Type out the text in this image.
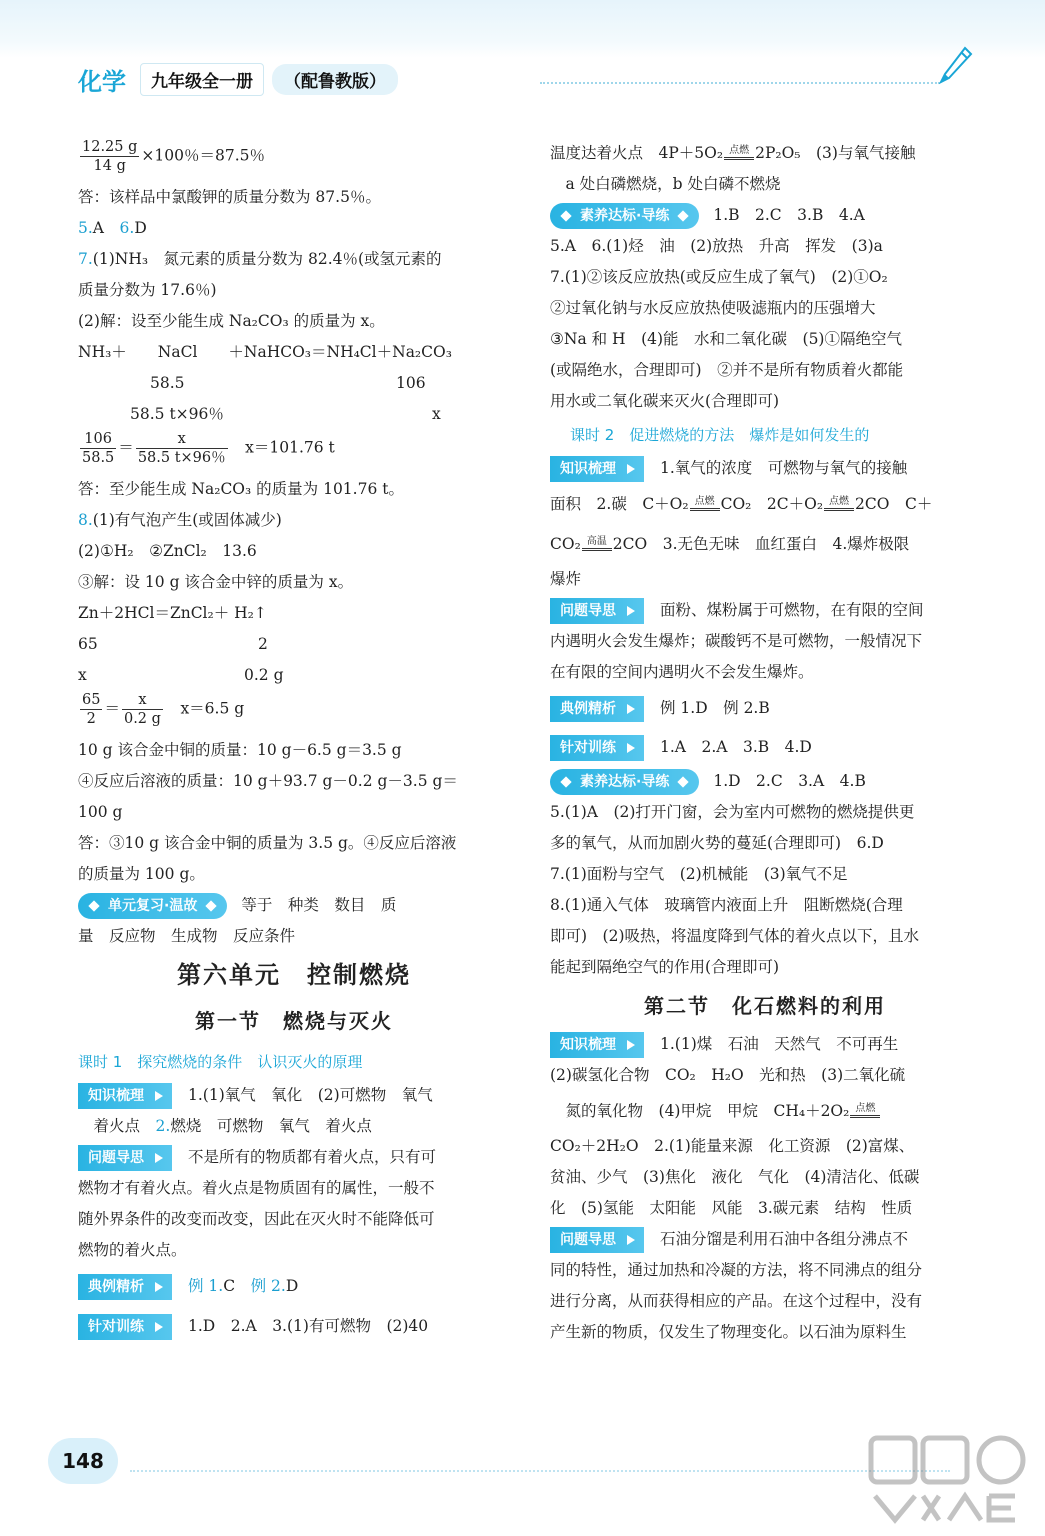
化学	九年级全一册	（配鲁教版）
$\frac{12.25 g}{14 g} \times 100$％＝87.5％
答：该样品中氯酸钾的质量分数为 87.5％。
5.A　 6.D
7.(1)NH₃　氮元素的质量分数为 82.4％(或氢元素的
质量分数为 17.6％)
(2)解：设至少能生成 Na₂CO₃ 的质量为 x。
NH₃＋　　NaCl　　＋NaHCO₃＝NH₄Cl＋Na₂CO₃
58.5	106
58.5 t×96％	x
$\frac{106}{58.5} = \frac{x}{58.5 t\times 96\%}$
　 x＝101.76 t
答：至少能生成 Na₂CO₃ 的质量为 101.76 t。
8.(1)有气泡产生(或固体减少)
(2)①H₂　②ZnCl₂　13.6
③解：设 10 g 该合金中锌的质量为 x。
Zn＋2HCl＝ZnCl₂＋ H₂↑
65	2
x	0.2 g
$\frac{65}{2} = \frac{x}{0.2 g}$
　 x＝6.5 g
10 g 该合金中铜的质量：10 g－6.5 g＝3.5 g
④反应后溶液的质量：10 g＋93.7 g－0.2 g－3.5 g＝
100 g
答：③10 g 该合金中铜的质量为 3.5 g。④反应后溶液
的质量为 100 g。
单元复习·温故	等于　种类　数目　质
量　反应物　生成物　反应条件
第六单元　控制燃烧
第一节　燃烧与灭火
课时 1　探究燃烧的条件　认识灭火的原理
知识梳理	1.(1)氧气　氧化　(2)可燃物　氧气
　着火点　 2.燃烧　可燃物　氧气　着火点
问题导思	不是所有的物质都有着火点，只有可
燃物才有着火点。着火点是物质固有的属性，一般不
随外界条件的改变而改变，因此在灭火时不能降低可
燃物的着火点。
典例精析	例 1.C　 例 2.D
针对训练	1.D　2.A　3.(1)有可燃物　(2)40
温度达着火点　4P＋5O₂ 点燃 2P₂O₅　(3)与氧气接触
　a 处白磷燃烧，b 处白磷不燃烧
素养达标·导练	1.B　2.C　3.B　4.A
5.A　6.(1)烃　油　(2)放热　升高　挥发　(3)a
7.(1)②该反应放热(或反应生成了氧气)　(2)①O₂
②过氧化钠与水反应放热使吸滤瓶内的压强增大
③Na 和 H　(4)能　水和二氧化碳　(5)①隔绝空气
(或隔绝水，合理即可)　②并不是所有物质着火都能
用水或二氧化碳来灭火(合理即可)
课时 2　促进燃烧的方法　爆炸是如何发生的
知识梳理	1.氧气的浓度　可燃物与氧气的接触
面积　 2.碳　C＋O₂ 点燃 CO₂　2C＋O₂ 点燃 2CO　C＋
CO₂ 高温 2CO　3.无色无味　血红蛋白　4.爆炸极限
爆炸
问题导思	面粉、煤粉属于可燃物，在有限的空间
内遇明火会发生爆炸；碳酸钙不是可燃物，一般情况下
在有限的空间内遇明火不会发生爆炸。
典例精析	例 1.D　例 2.B
针对训练	1.A　2.A　3.B　4.D
素养达标·导练	1.D　2.C　3.A　4.B
5.(1)A　(2)打开门窗，会为室内可燃物的燃烧提供更
多的氧气，从而加剧火势的蔓延(合理即可)　6.D
7.(1)面粉与空气　(2)机械能　(3)氧气不足
8.(1)通入气体　玻璃管内液面上升　阻断燃烧(合理
即可)　(2)吸热，将温度降到气体的着火点以下，且水
能起到隔绝空气的作用(合理即可)
第二节　化石燃料的利用
知识梳理	1.(1)煤　石油　天然气　不可再生
(2)碳氢化合物　CO₂　H₂O　光和热　(3)二氧化硫
　氮的氧化物　(4)甲烷　甲烷　CH₄＋2O₂ 点燃
CO₂＋2H₂O　2.(1)能量来源　化工资源　(2)富煤、
贫油、少气　(3)焦化　液化　气化　(4)清洁化、低碳
化　(5)氢能　太阳能　风能　3.碳元素　结构　性质
问题导思	石油分馏是利用石油中各组分沸点不
同的特性，通过加热和冷凝的方法，将不同沸点的组分
进行分离，从而获得相应的产品。在这个过程中，没有
产生新的物质，仅发生了物理变化。以石油为原料生
148
